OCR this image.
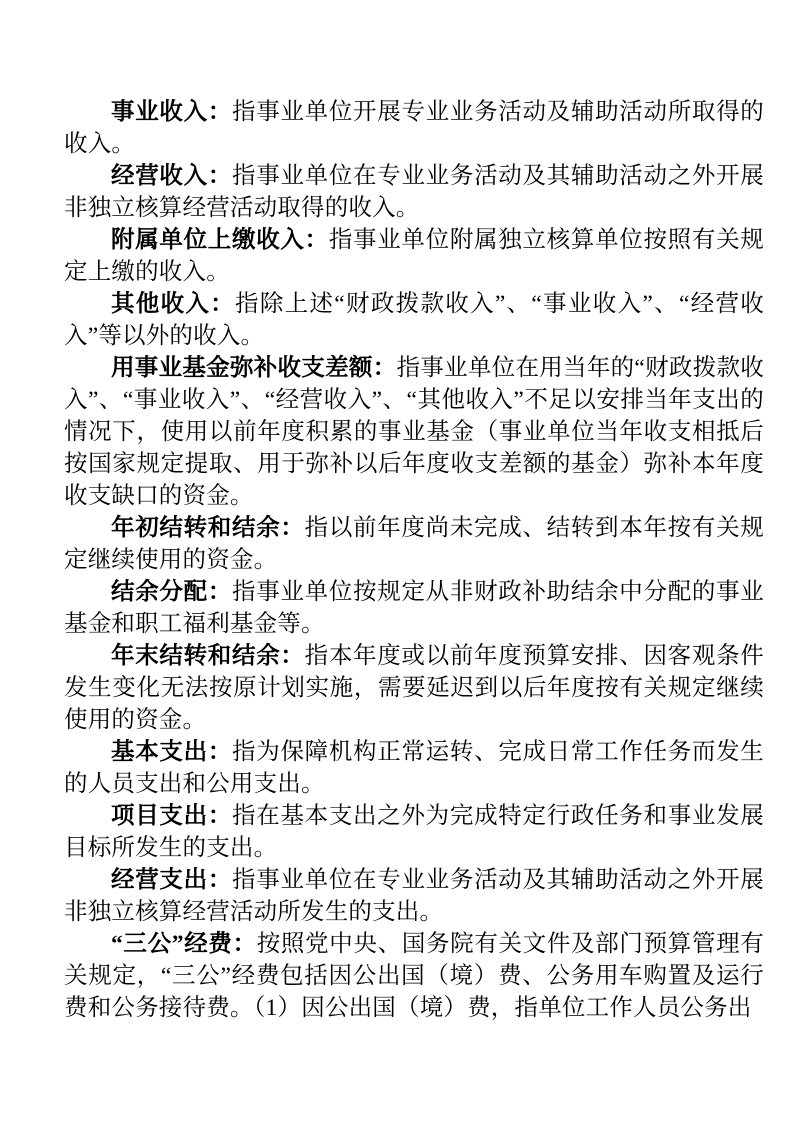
事业收入：指事业单位开展专业业务活动及辅助活动所取得的收入。

经营收入：指事业单位在专业业务活动及其辅助活动之外开展非独立核算经营活动取得的收入。

附属单位上缴收入：指事业单位附属独立核算单位按照有关规定上缴的收入。

其他收入：指除上述“财政拨款收入”、“事业收入”、“经营收入”等以外的收入。

用事业基金弥补收支差额：指事业单位在用当年的“财政拨款收入”、“事业收入”、“经营收入”、“其他收入”不足以安排当年支出的情况下，使用以前年度积累的事业基金（事业单位当年收支相抵后按国家规定提取、用于弥补以后年度收支差额的基金）弥补本年度收支缺口的资金。

年初结转和结余：指以前年度尚未完成、结转到本年按有关规定继续使用的资金。

结余分配：指事业单位按规定从非财政补助结余中分配的事业基金和职工福利基金等。

年末结转和结余：指本年度或以前年度预算安排、因客观条件发生变化无法按原计划实施，需要延迟到以后年度按有关规定继续使用的资金。

基本支出：指为保障机构正常运转、完成日常工作任务而发生的人员支出和公用支出。

项目支出：指在基本支出之外为完成特定行政任务和事业发展目标所发生的支出。

经营支出：指事业单位在专业业务活动及其辅助活动之外开展非独立核算经营活动所发生的支出。

“三公”经费：按照党中央、国务院有关文件及部门预算管理有关规定，“三公”经费包括因公出国（境）费、公务用车购置及运行费和公务接待费。（1）因公出国（境）费，指单位工作人员公务出
